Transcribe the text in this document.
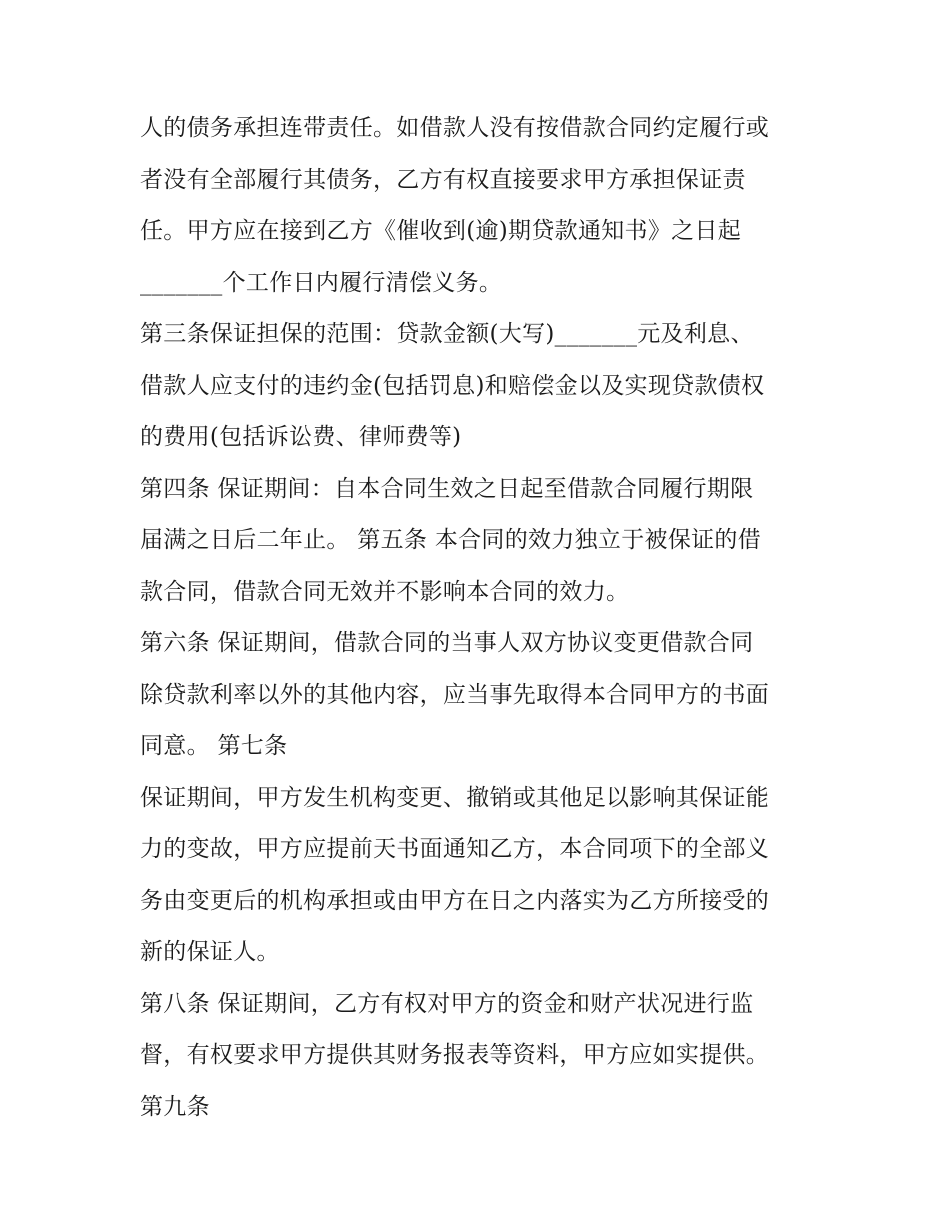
人的债务承担连带责任。如借款人没有按借款合同约定履行或
者没有全部履行其债务，乙方有权直接要求甲方承担保证责
任。甲方应在接到乙方《催收到(逾)期贷款通知书》之日起
_______个工作日内履行清偿义务。
第三条保证担保的范围：贷款金额(大写)_______元及利息、
借款人应支付的违约金(包括罚息)和赔偿金以及实现贷款债权
的费用(包括诉讼费、律师费等)
第四条 保证期间：自本合同生效之日起至借款合同履行期限
届满之日后二年止。 第五条 本合同的效力独立于被保证的借
款合同，借款合同无效并不影响本合同的效力。
第六条 保证期间，借款合同的当事人双方协议变更借款合同
除贷款利率以外的其他内容，应当事先取得本合同甲方的书面
同意。 第七条
保证期间，甲方发生机构变更、撤销或其他足以影响其保证能
力的变故，甲方应提前天书面通知乙方，本合同项下的全部义
务由变更后的机构承担或由甲方在日之内落实为乙方所接受的
新的保证人。
第八条 保证期间，乙方有权对甲方的资金和财产状况进行监
督，有权要求甲方提供其财务报表等资料，甲方应如实提供。
第九条
